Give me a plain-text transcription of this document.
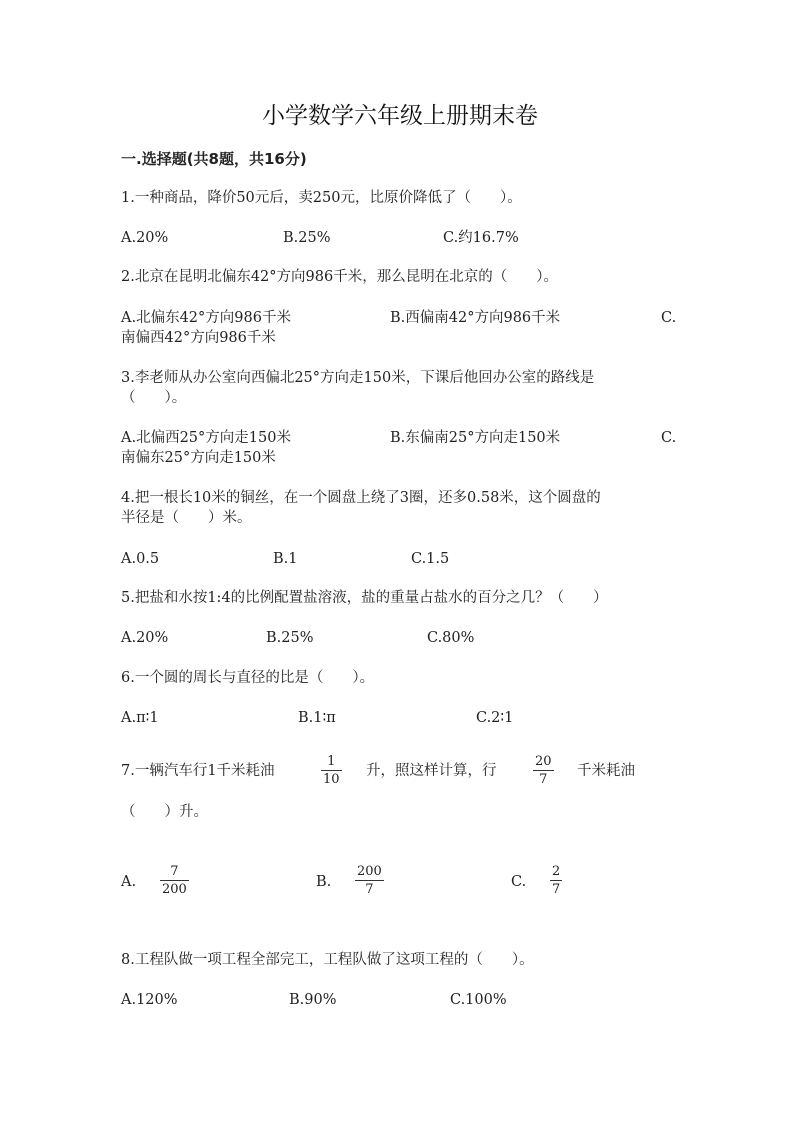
小学数学六年级上册期末卷
一.选择题(共8题，共16分)
1.一种商品，降价50元后，卖250元，比原价降低了（　　）。
A.20%	B.25%	C.约16.7%
2.北京在昆明北偏东42°方向986千米，那么昆明在北京的（　　）。
A.北偏东42°方向986千米	B.西偏南42°方向986千米	C.
南偏西42°方向986千米
3.李老师从办公室向西偏北25°方向走150米，下课后他回办公室的路线是
（　　）。
A.北偏西25°方向走150米	B.东偏南25°方向走150米	C.
南偏东25°方向走150米
4.把一根长10米的铜丝，在一个圆盘上绕了3圈，还多0.58米，这个圆盘的
半径是（　　）米。
A.0.5	B.1	C.1.5
5.把盐和水按1:4的比例配置盐溶液，盐的重量占盐水的百分之几？（　　）
A.20%	B.25%	C.80%
6.一个圆的周长与直径的比是（　　）。
A.π∶1	B.1∶π	C.2∶1
7.一辆汽车行1千米耗油
1
10
升，照这样计算，行
20
7
千米耗油
（　　）升。
A.
7
200	B.
200
7	C.
2
7
8.工程队做一项工程全部完工，工程队做了这项工程的（　　）。
A.120%	B.90%	C.100%
